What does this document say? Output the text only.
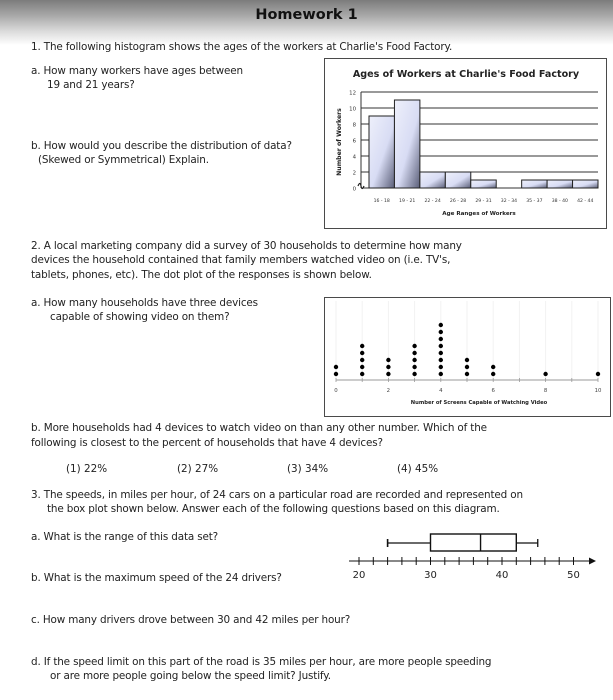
Homework 1
1. The following histogram shows the ages of the workers at Charlie's Food Factory.
a. How many workers have ages between
19 and 21 years?
b. How would you describe the distribution of data?
(Skewed or Symmetrical) Explain.
Ages of Workers at Charlie's Food Factory
0
2
4
6
8
10
12
16 - 18 19 - 21 22 - 24 26 - 28 29 - 31 32 - 34 35 - 37 38 - 40 42 - 44
Age Ranges of Workers
Number of Workers
2. A local marketing company did a survey of 30 households to determine how many
devices the household contained that family members watched video on (i.e. TV's,
tablets, phones, etc). The dot plot of the responses is shown below.
a. How many households have three devices
capable of showing video on them?
0	2	4	6	8	10
Number of Screens Capable of Watching Video
b. More households had 4 devices to watch video on than any other number. Which of the
following is closest to the percent of households that have 4 devices?
(1) 22%	(2) 27%	(3) 34%	(4) 45%
3. The speeds, in miles per hour, of 24 cars on a particular road are recorded and represented on
the box plot shown below. Answer each of the following questions based on this diagram.
a. What is the range of this data set?
b. What is the maximum speed of the 24 drivers?
c. How many drivers drove between 30 and 42 miles per hour?
d. If the speed limit on this part of the road is 35 miles per hour, are more people speeding
or are more people going below the speed limit? Justify.
20	30	40	50
